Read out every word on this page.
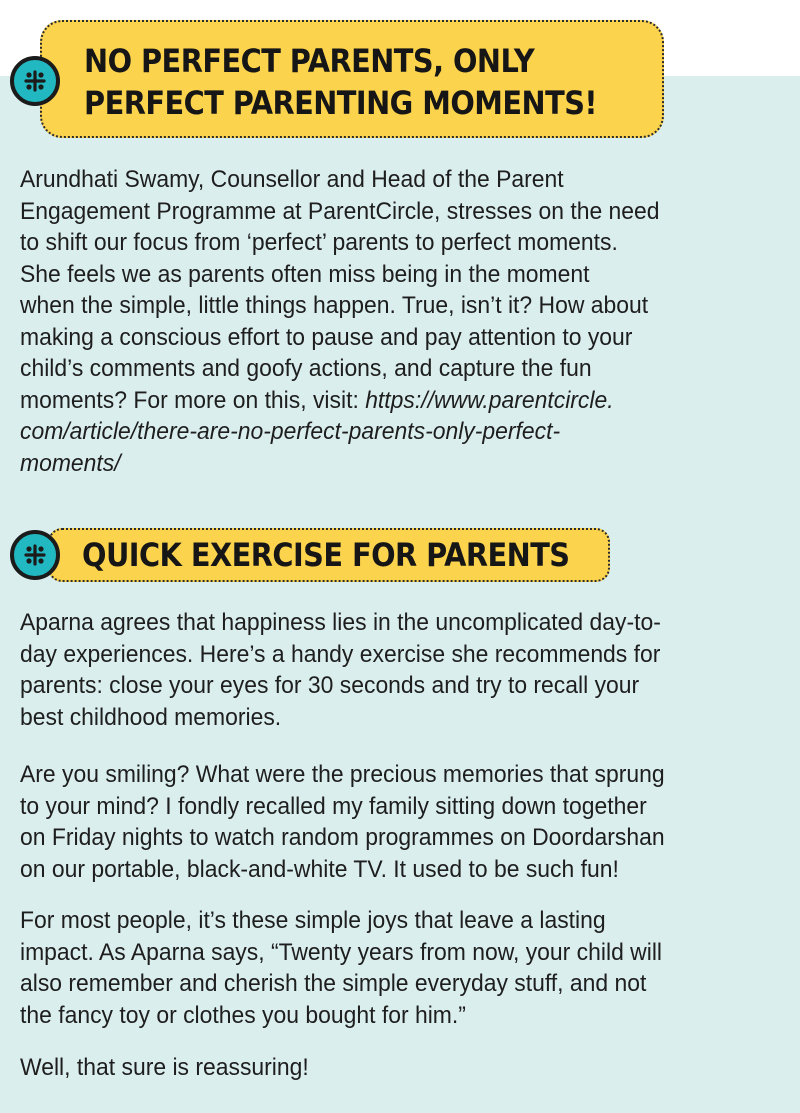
NO PERFECT PARENTS, ONLY
PERFECT PARENTING MOMENTS!

Arundhati Swamy, Counsellor and Head of the Parent
Engagement Programme at ParentCircle, stresses on the need
to shift our focus from ‘perfect’ parents to perfect moments.
She feels we as parents often miss being in the moment
when the simple, little things happen. True, isn’t it? How about
making a conscious effort to pause and pay attention to your
child’s comments and goofy actions, and capture the fun
moments? For more on this, visit: https://www.parentcircle.
com/article/there-are-no-perfect-parents-only-perfect-
moments/

QUICK EXERCISE FOR PARENTS

Aparna agrees that happiness lies in the uncomplicated day-to-
day experiences. Here’s a handy exercise she recommends for
parents: close your eyes for 30 seconds and try to recall your
best childhood memories.

Are you smiling? What were the precious memories that sprung
to your mind? I fondly recalled my family sitting down together
on Friday nights to watch random programmes on Doordarshan
on our portable, black-and-white TV. It used to be such fun!

For most people, it’s these simple joys that leave a lasting
impact. As Aparna says, “Twenty years from now, your child will
also remember and cherish the simple everyday stuff, and not
the fancy toy or clothes you bought for him.”

Well, that sure is reassuring!
